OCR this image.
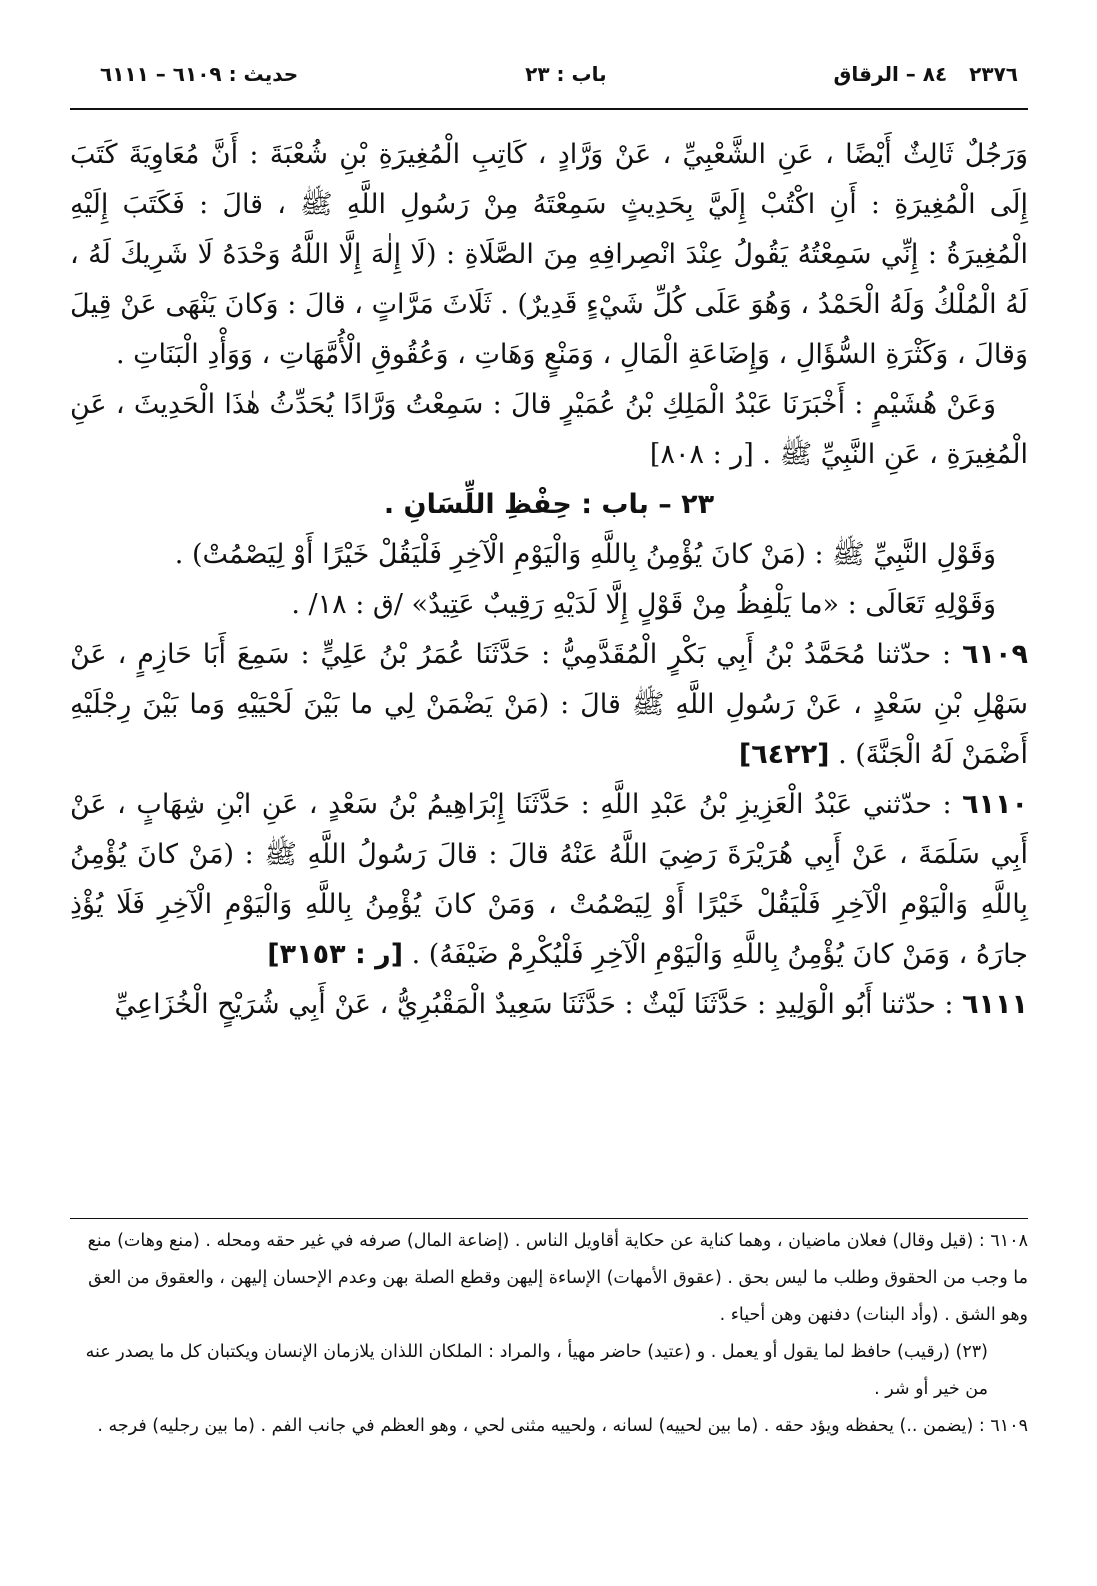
٢٣٧٦
٨٤ – الرقاق
باب : ٢٣
حديث : ٦١٠٩ – ٦١١١

وَرَجُلٌ ثَالِثٌ أَيْضًا ، عَنِ الشَّعْبِيِّ ، عَنْ وَرَّادٍ ، كَاتِبِ الْمُغِيرَةِ بْنِ شُعْبَةَ : أَنَّ مُعَاوِيَةَ كَتَبَ إِلَى الْمُغِيرَةِ : أَنِ اكْتُبْ إِلَيَّ بِحَدِيثٍ سَمِعْتَهُ مِنْ رَسُولِ اللَّهِ ﷺ ، قالَ : فَكَتَبَ إِلَيْهِ الْمُغِيرَةُ : إِنِّي سَمِعْتُهُ يَقُولُ عِنْدَ انْصِرافِهِ مِنَ الصَّلَاةِ : (لَا إِلٰهَ إِلَّا اللَّهُ وَحْدَهُ لَا شَرِيكَ لَهُ ، لَهُ الْمُلْكُ وَلَهُ الْحَمْدُ ، وَهُوَ عَلَى كُلِّ شَيْءٍ قَدِيرٌ) . ثَلَاثَ مَرَّاتٍ ، قالَ : وَكانَ يَنْهَى عَنْ قِيلَ وَقالَ ، وَكَثْرَةِ السُّؤَالِ ، وَإِضَاعَةِ الْمَالِ ، وَمَنْعٍ وَهَاتِ ، وَعُقُوقِ الْأُمَّهَاتِ ، وَوَأْدِ الْبَنَاتِ .

وَعَنْ هُشَيْمٍ : أَخْبَرَنَا عَبْدُ الْمَلِكِ بْنُ عُمَيْرٍ قالَ : سَمِعْتُ وَرَّادًا يُحَدِّثُ هٰذَا الْحَدِيثَ ، عَنِ الْمُغِيرَةِ ، عَنِ النَّبِيِّ ﷺ . [ر : ٨٠٨]

٢٣ – باب : حِفْظِ اللِّسَانِ .

وَقَوْلِ النَّبِيِّ ﷺ : (مَنْ كانَ يُؤْمِنُ بِاللَّهِ وَالْيَوْمِ الْآخِرِ فَلْيَقُلْ خَيْرًا أَوْ لِيَصْمُتْ) .

وَقَوْلِهِ تَعَالَى : «ما يَلْفِظُ مِنْ قَوْلٍ إِلَّا لَدَيْهِ رَقِيبٌ عَتِيدٌ» /ق : ١٨/ .

٦١٠٩ : حدّثنا مُحَمَّدُ بْنُ أَبِي بَكْرٍ الْمُقَدَّمِيُّ : حَدَّثَنَا عُمَرُ بْنُ عَلِيٍّ : سَمِعَ أَبَا حَازِمٍ ، عَنْ سَهْلِ بْنِ سَعْدٍ ، عَنْ رَسُولِ اللَّهِ ﷺ قالَ : (مَنْ يَضْمَنْ لِي ما بَيْنَ لَحْيَيْهِ وَما بَيْنَ رِجْلَيْهِ أَضْمَنْ لَهُ الْجَنَّةَ) . [٦٤٢٢]

٦١١٠ : حدّثني عَبْدُ الْعَزِيزِ بْنُ عَبْدِ اللَّهِ : حَدَّثَنَا إِبْرَاهِيمُ بْنُ سَعْدٍ ، عَنِ ابْنِ شِهَابٍ ، عَنْ أَبِي سَلَمَةَ ، عَنْ أَبِي هُرَيْرَةَ رَضِيَ اللَّهُ عَنْهُ قالَ : قالَ رَسُولُ اللَّهِ ﷺ : (مَنْ كانَ يُؤْمِنُ بِاللَّهِ وَالْيَوْمِ الْآخِرِ فَلْيَقُلْ خَيْرًا أَوْ لِيَصْمُتْ ، وَمَنْ كانَ يُؤْمِنُ بِاللَّهِ وَالْيَوْمِ الْآخِرِ فَلَا يُؤْذِ جارَهُ ، وَمَنْ كانَ يُؤْمِنُ بِاللَّهِ وَالْيَوْمِ الْآخِرِ فَلْيُكْرِمْ ضَيْفَهُ) . [ر : ٣١٥٣]

٦١١١ : حدّثنا أَبُو الْوَلِيدِ : حَدَّثَنَا لَيْثٌ : حَدَّثَنَا سَعِيدٌ الْمَقْبُرِيُّ ، عَنْ أَبِي شُرَيْحٍ الْخُزَاعِيِّ

٦١٠٨ : (قيل وقال) فعلان ماضيان ، وهما كناية عن حكاية أقاويل الناس . (إضاعة المال) صرفه في غير حقه ومحله . (منع وهات) منع ما وجب من الحقوق وطلب ما ليس بحق . (عقوق الأمهات) الإساءة إليهن وقطع الصلة بهن وعدم الإحسان إليهن ، والعقوق من العق وهو الشق . (وأد البنات) دفنهن وهن أحياء .

(٢٣) (رقيب) حافظ لما يقول أو يعمل . و (عتيد) حاضر مهيأ ، والمراد : الملكان اللذان يلازمان الإنسان ويكتبان كل ما يصدر عنه من خير أو شر .

٦١٠٩ : (يضمن ..) يحفظه ويؤد حقه . (ما بين لحييه) لسانه ، ولحييه مثنى لحي ، وهو العظم في جانب الفم . (ما بين رجليه) فرجه .
